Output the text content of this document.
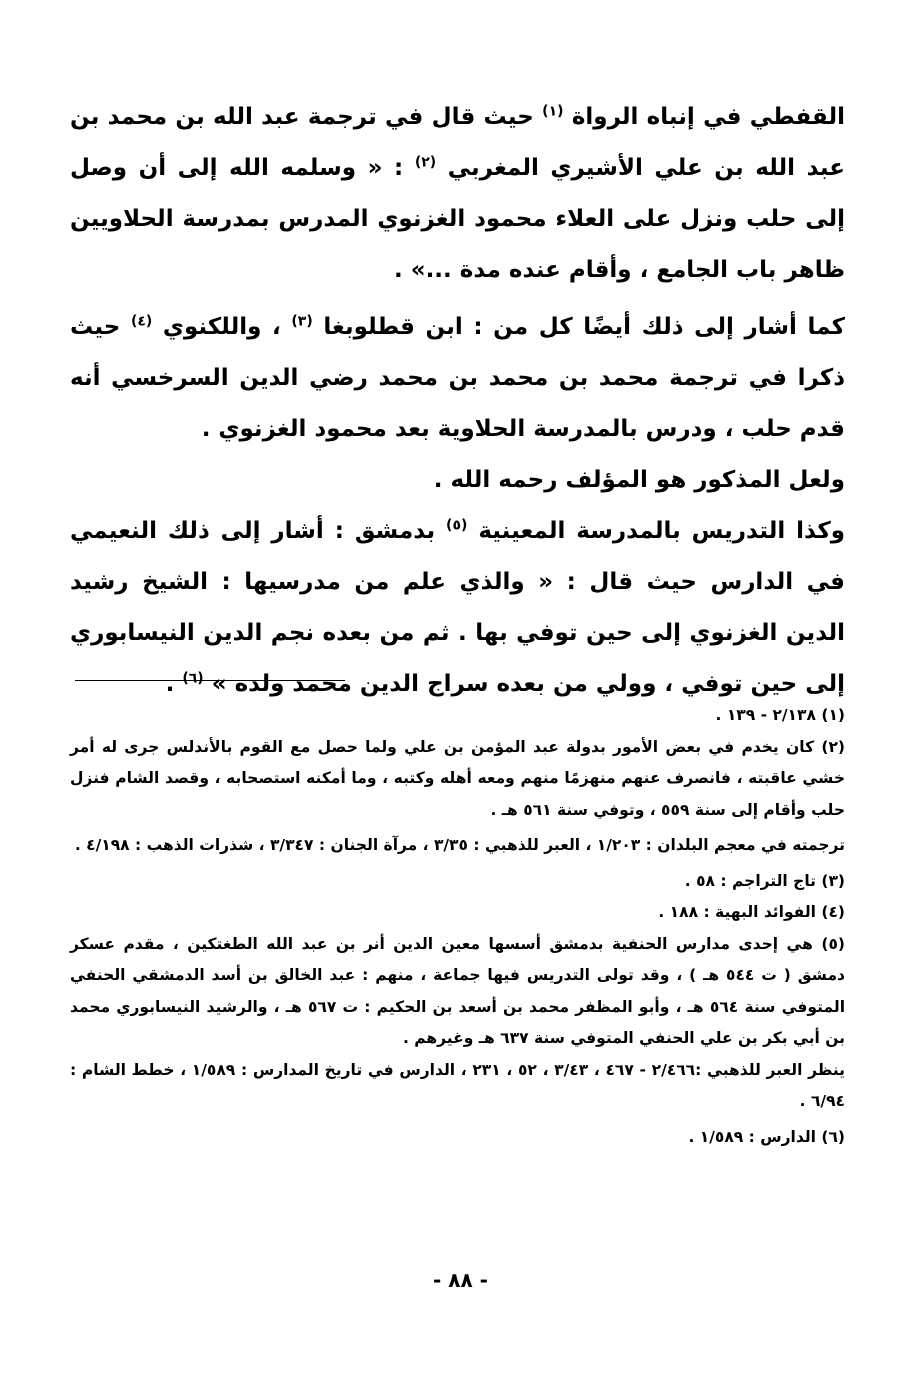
القفطي في إنباه الرواة $^{(١)}$ حيث قال في ترجمة عبد الله بن محمد بن عبد الله بن علي الأشيري المغربي $^{(٢)}$ : « وسلمه الله إلى أن وصل إلى حلب ونزل على العلاء محمود الغزنوي المدرس بمدرسة الحلاويين ظاهر باب الجامع ، وأقام عنده مدة ...» .

كما أشار إلى ذلك أيضًا كل من : ابن قطلوبغا $^{(٣)}$ ، واللكنوي $^{(٤)}$ حيث ذكرا في ترجمة محمد بن محمد بن محمد رضي الدين السرخسي أنه قدم حلب ، ودرس بالمدرسة الحلاوية بعد محمود الغزنوي .

ولعل المذكور هو المؤلف رحمه الله .

وكذا التدريس بالمدرسة المعينية $^{(٥)}$ بدمشق : أشار إلى ذلك النعيمي في الدارس حيث قال : « والذي علم من مدرسيها : الشيخ رشيد الدين الغزنوي إلى حين توفي بها . ثم من بعده نجم الدين النيسابوري إلى حين توفي ، وولي من بعده سراج الدين محمد ولده » $^{(٦)}$ .

(١) ٢/١٣٨ - ١٣٩ .

(٢) كان يخدم في بعض الأمور بدولة عبد المؤمن بن علي ولما حصل مع القوم بالأندلس جرى له أمر خشي عاقبته ، فانصرف عنهم منهزمًا منهم ومعه أهله وكتبه ، وما أمكنه استصحابه ، وقصد الشام فنزل حلب وأقام إلى سنة ٥٥٩ ، وتوفي سنة ٥٦١ هـ .

ترجمته في معجم البلدان : ١/٢٠٣ ، العبر للذهبي : ٣/٣٥ ، مرآة الجنان : ٣/٣٤٧ ، شذرات الذهب : ٤/١٩٨ .

(٣) تاج التراجم : ٥٨ .

(٤) الفوائد البهية : ١٨٨ .

(٥) هي إحدى مدارس الحنفية بدمشق أسسها معين الدين أنر بن عبد الله الطغتكين ، مقدم عسكر دمشق ( ت ٥٤٤ هـ ) ، وقد تولى التدريس فيها جماعة ، منهم : عبد الخالق بن أسد الدمشقي الحنفي المتوفي سنة ٥٦٤ هـ ، وأبو المظفر محمد بن أسعد بن الحكيم : ت ٥٦٧ هـ ، والرشيد النيسابوري محمد بن أبي بكر بن علي الحنفي المتوفي سنة ٦٣٧ هـ وغيرهم .

ينظر العبر للذهبي :٢/٤٦٦ - ٤٦٧ ، ٣/٤٣ ، ٥٢ ، ٢٣١ ، الدارس في تاريخ المدارس : ١/٥٨٩ ، خطط الشام : ٦/٩٤ .

(٦) الدارس : ١/٥٨٩ .

- ٨٨ -
